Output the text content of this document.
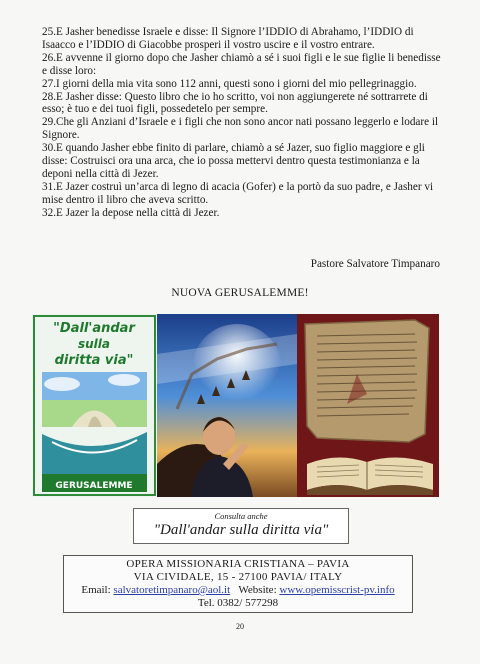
25.E Jasher benedisse Israele e disse: Il Signore l’IDDIO di Abrahamo, l’IDDIO di Isaacco e l’IDDIO di Giacobbe prosperi il vostro uscire e il vostro entrare.

26.E avvenne il giorno dopo che Jasher chiamò a sé i suoi figli e le sue figlie li benedisse e disse loro:

27.I giorni della mia vita sono 112 anni, questi sono i giorni del mio pellegrinaggio.

28.E Jasher disse: Questo libro che io ho scritto, voi non aggiungerete né sottrarrete di esso; è tuo e dei tuoi figli, possedetelo per sempre.

29.Che gli Anziani d’Israele e i figli che non sono ancor nati possano leggerlo e lodare il Signore.

30.E quando Jasher ebbe finito di parlare, chiamò a sé Jazer, suo figlio maggiore e gli disse: Costruisci ora una arca, che io possa mettervi dentro questa testimonianza e la deponi nella città di Jezer.

31.E Jazer costruì un’arca di legno di acacia (Gofer) e la portò da suo padre, e Jasher vi mise dentro il libro che aveva scritto.

32.E Jazer la depose nella città di Jezer.

Pastore Salvatore Timpanaro
NUOVA GERUSALEMME!
"Dall'andar
sulla
diritta via"
GERUSALEMME
Consulta anche
"Dall'andar sulla diritta via"
OPERA MISSIONARIA CRISTIANA – PAVIA
VIA CIVIDALE, 15 - 27100 PAVIA/ ITALY
Email: salvatoretimpanaro@aol.it Website: www.opemisscrist-pv.info
Tel. 0382/ 577298
20
